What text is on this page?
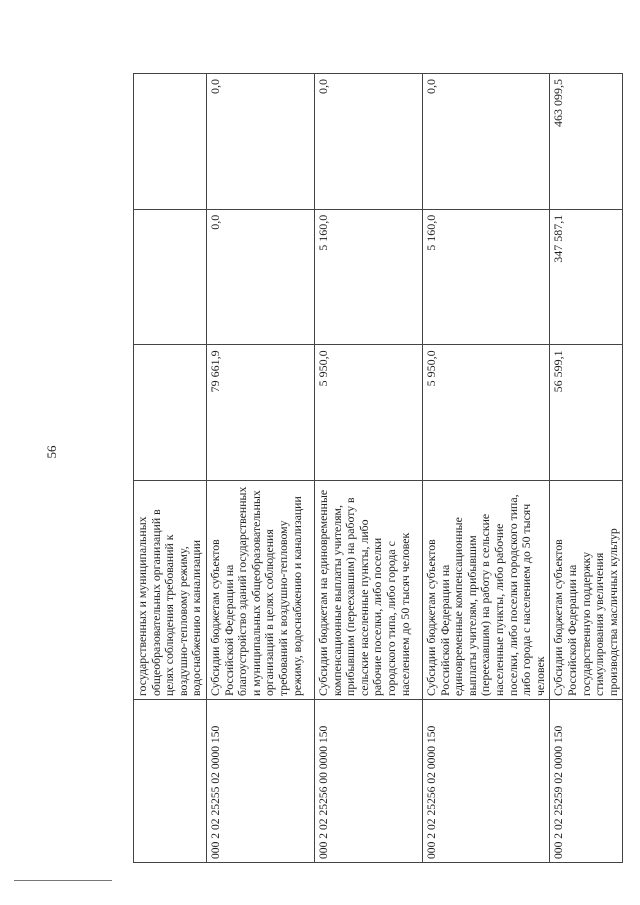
56
	государственных и муниципальных общеобразовательных организаций в целях соблюдения требований к воздушно-тепловому режиму, водоснабжению и канализации			
000 2 02 25255 02 0000 150	Субсидии бюджетам субъектов Российской Федерации на благоустройство зданий государственных и муниципальных общеобразовательных организаций в целях соблюдения требований к воздушно-тепловому режиму, водоснабжению и канализации	79 661,9	0,0	0,0
000 2 02 25256 00 0000 150	Субсидии бюджетам на единовременные компенсационные выплаты учителям, прибывшим (переехавшим) на работу в сельские населенные пункты, либо рабочие поселки, либо поселки городского типа, либо города с населением до 50 тысяч человек	5 950,0	5 160,0	0,0
000 2 02 25256 02 0000 150	Субсидии бюджетам субъектов Российской Федерации на единовременные компенсационные выплаты учителям, прибывшим (переехавшим) на работу в сельские населенные пункты, либо рабочие поселки, либо поселки городского типа, либо города с населением до 50 тысяч человек	5 950,0	5 160,0	0,0
000 2 02 25259 02 0000 150	Субсидии бюджетам субъектов Российской Федерации на государственную поддержку стимулирования увеличения производства масличных культур	56 599,1	347 587,1	463 099,5
